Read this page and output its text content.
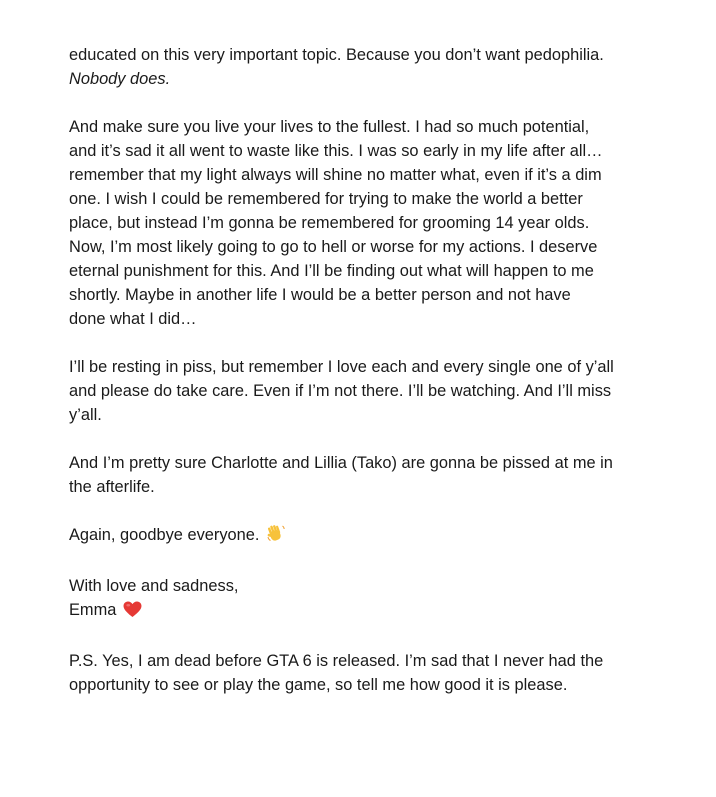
educated on this very important topic. Because you don’t want pedophilia.
Nobody does.
And make sure you live your lives to the fullest. I had so much potential,
and it’s sad it all went to waste like this. I was so early in my life after all…
remember that my light always will shine no matter what, even if it’s a dim
one. I wish I could be remembered for trying to make the world a better
place, but instead I’m gonna be remembered for grooming 14 year olds.
Now, I’m most likely going to go to hell or worse for my actions. I deserve
eternal punishment for this. And I’ll be finding out what will happen to me
shortly. Maybe in another life I would be a better person and not have
done what I did…
I’ll be resting in piss, but remember I love each and every single one of y’all
and please do take care. Even if I’m not there. I’ll be watching. And I’ll miss
y’all.
And I’m pretty sure Charlotte and Lillia (Tako) are gonna be pissed at me in
the afterlife.
Again, goodbye everyone.
With love and sadness,
Emma
P.S. Yes, I am dead before GTA 6 is released. I’m sad that I never had the
opportunity to see or play the game, so tell me how good it is please.
